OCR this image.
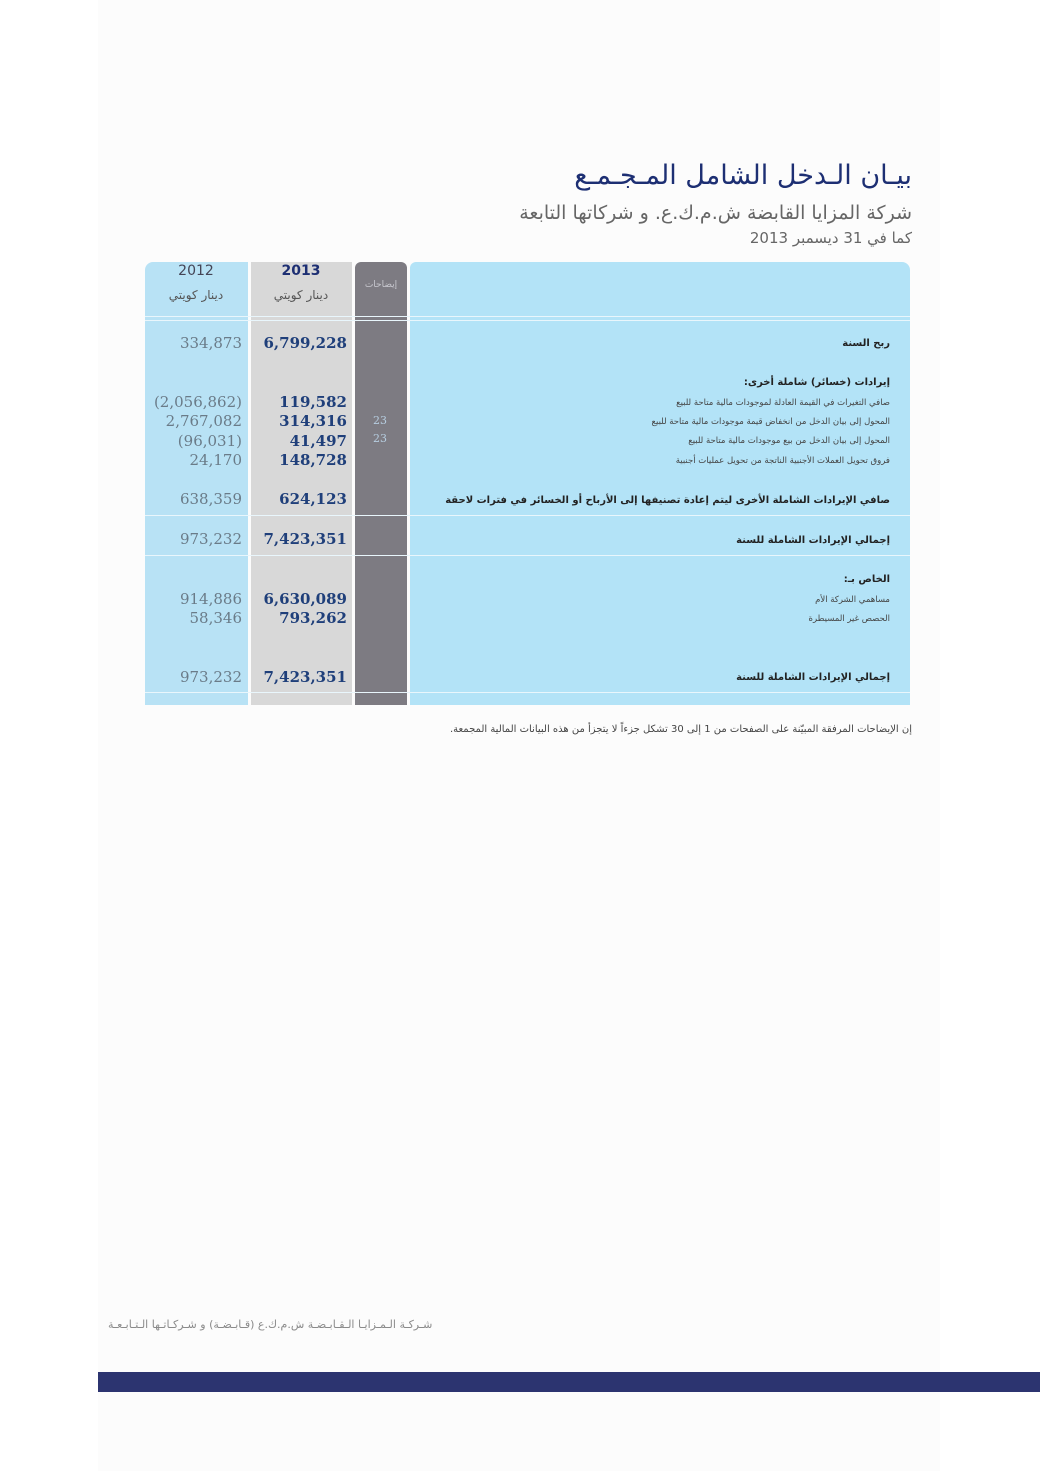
بيـان الـدخل الشامل المـجـمـع
شركة المزايا القابضة ش.م.ك.ع. و شركاتها التابعة
كما في 31 ديسمبر 2013
2012
دينار كويتي
2013
دينار كويتي
إيضاحات
ربح السنة
6,799,228
334,873
إيرادات (خسائر) شاملة أخرى:
صافي التغيرات في القيمة العادلة لموجودات مالية متاحة للبيع
119,582
(2,056,862)
المحول إلى بيان الدخل من انخفاض قيمة موجودات مالية متاحة للبيع
314,316
2,767,082	23
المحول إلى بيان الدخل من بيع موجودات مالية متاحة للبيع
41,497
(96,031)	23
فروق تحويل العملات الأجنبية الناتجة من تحويل عمليات أجنبية
148,728
24,170
صافي الإيرادات الشاملة الأخرى ليتم إعادة تصنيفها إلى الأرباح أو الخسائر في فترات لاحقة
624,123
638,359
إجمالي الإيرادات الشاملة للسنة
7,423,351
973,232
الخاص بـ:
مساهمي الشركة الأم
6,630,089
914,886
الحصص غير المسيطرة
793,262
58,346
إجمالي الإيرادات الشاملة للسنة
7,423,351
973,232
إن الإيضاحات المرفقة المبيّنة على الصفحات من 1 إلى 30 تشكل جزءاً لا يتجزأ من هذه البيانات المالية المجمعة.
شـركـة الـمـزايـا الـقـابـضـة ش.م.ك.ع (قـابـضـة) و شـركـاتـها الـتـابـعـة
